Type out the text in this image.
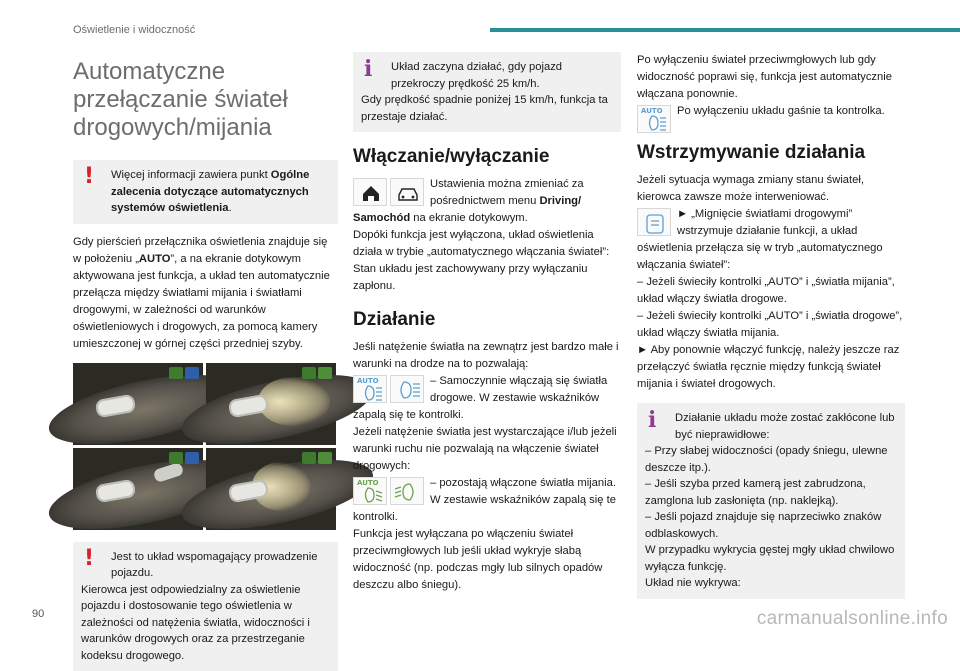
Oświetlenie i widoczność
Automatyczne przełączanie świateł drogowych/mijania
!	Więcej informacji zawiera punkt Ogólne zalecenia dotyczące automatycznych systemów oświetlenia.

Gdy pierścień przełącznika oświetlenia znajduje się w położeniu „AUTO”, a na ekranie dotykowym aktywowana jest funkcja, a układ ten automatycznie przełącza między światłami mijania i światłami drogowymi, w zależności od warunków oświetleniowych i drogowych, za pomocą kamery umieszczonej w górnej części przedniej szyby.

!	Jest to układ wspomagający prowadzenie pojazdu.
Kierowca jest odpowiedzialny za oświetlenie pojazdu i dostosowanie tego oświetlenia w zależności od natężenia światła, widoczności i warunków drogowych oraz za przestrzeganie kodeksu drogowego.
i	Układ zaczyna działać, gdy pojazd przekroczy prędkość 25 km/h.
Gdy prędkość spadnie poniżej 15 km/h, funkcja ta przestaje działać.
Włączanie/wyłączanie

Ustawienia można zmieniać za pośrednictwem menu Driving/ Samochód na ekranie dotykowym.

Dopóki funkcja jest wyłączona, układ oświetlenia działa w trybie „automatycznego włączania świateł”: Stan układu jest zachowywany przy wyłączaniu zapłonu.

Działanie

Jeśli natężenie światła na zewnątrz jest bardzo małe i warunki na drodze na to pozwalają:

AUTO	– Samoczynnie włączają się światła drogowe. W zestawie wskaźników zapalą się te kontrolki.

Jeżeli natężenie światła jest wystarczające i/lub jeżeli warunki ruchu nie pozwalają na włączenie świateł drogowych:

AUTO	– pozostają włączone światła mijania. W zestawie wskaźników zapalą się te kontrolki.

Funkcja jest wyłączana po włączeniu świateł przeciwmgłowych lub jeśli układ wykryje słabą widoczność (np. podczas mgły lub silnych opadów deszczu albo śniegu).

Po wyłączeniu świateł przeciwmgłowych lub gdy widoczność poprawi się, funkcja jest automatycznie włączana ponownie.

AUTO	Po wyłączeniu układu gaśnie ta kontrolka.

Wstrzymywanie działania

Jeżeli sytuacja wymaga zmiany stanu świateł, kierowca zawsze może interweniować.

► „Mignięcie światłami drogowymi” wstrzymuje działanie funkcji, a układ oświetlenia przełącza się w tryb „automatycznego włączania świateł”:

– Jeżeli świeciły kontrolki „AUTO” i „światła mijania”, układ włączy światła drogowe.

– Jeżeli świeciły kontrolki „AUTO” i „światła drogowe”, układ włączy światła mijania.

► Aby ponownie włączyć funkcję, należy jeszcze raz przełączyć światła ręcznie między funkcją świateł mijania i świateł drogowych.

i	Działanie układu może zostać zakłócone lub być nieprawidłowe:
– Przy słabej widoczności (opady śniegu, ulewne deszcze itp.).
– Jeśli szyba przed kamerą jest zabrudzona, zamglona lub zasłonięta (np. naklejką).
– Jeśli pojazd znajduje się naprzeciwko znaków odblaskowych.
W przypadku wykrycia gęstej mgły układ chwilowo wyłącza funkcję.
Układ nie wykrywa:
90	carmanualsonline.info
